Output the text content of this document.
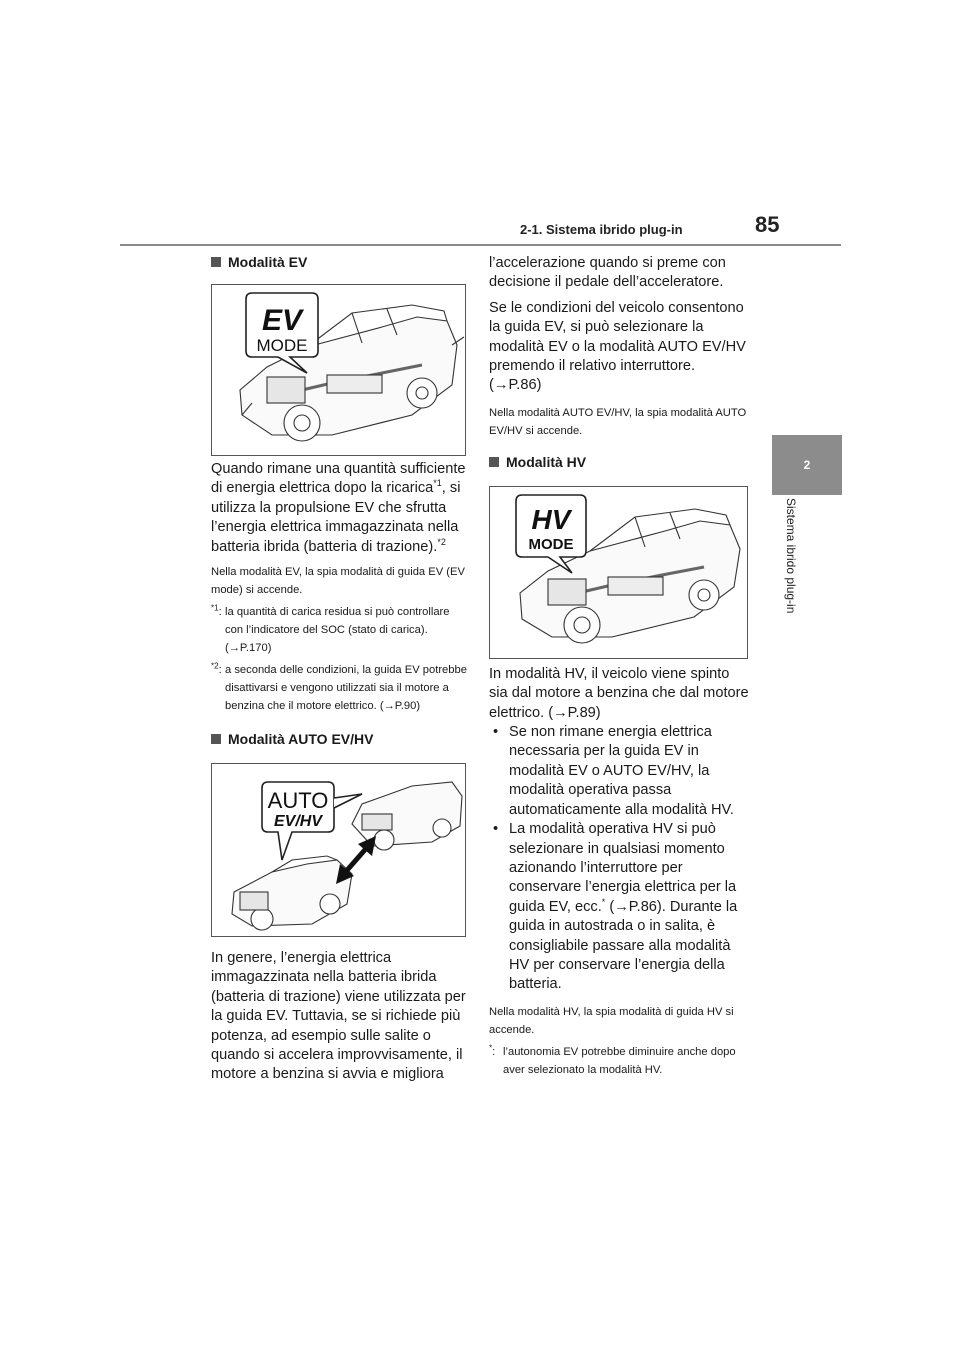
2-1. Sistema ibrido plug-in	85
2
Sistema ibrido plug-in

Modalità EV

EV
MODE

Quando rimane una quantità sufficiente di energia elettrica dopo la ricarica$^{*1}$, si utilizza la propulsione EV che sfrutta l’energia elettrica immagazzinata nella batteria ibrida (batteria di trazione).$^{*2}$

Nella modalità EV, la spia modalità di guida EV (EV mode) si accende.

$^{*1}$: la quantità di carica residua si può controllare con l’indicatore del SOC (stato di carica). (→P.170)
$^{*2}$: a seconda delle condizioni, la guida EV potrebbe disattivarsi e vengono utilizzati sia il motore a benzina che il motore elettrico. (→P.90)

Modalità AUTO EV/HV

AUTO
EV/HV

In genere, l’energia elettrica immagazzinata nella batteria ibrida (batteria di trazione) viene utilizzata per la guida EV. Tuttavia, se si richiede più potenza, ad esempio sulle salite o quando si accelera improvvisamente, il motore a benzina si avvia e migliora

l’accelerazione quando si preme con decisione il pedale dell’acceleratore.

Se le condizioni del veicolo consentono la guida EV, si può selezionare la modalità EV o la modalità AUTO EV/HV premendo il relativo interruttore. (→P.86)

Nella modalità AUTO EV/HV, la spia modalità AUTO EV/HV si accende.

Modalità HV

HV
MODE

In modalità HV, il veicolo viene spinto sia dal motore a benzina che dal motore elettrico. (→P.89)

• Se non rimane energia elettrica necessaria per la guida EV in modalità EV o AUTO EV/HV, la modalità operativa passa automaticamente alla modalità HV.
• La modalità operativa HV si può selezionare in qualsiasi momento azionando l’interruttore per conservare l’energia elettrica per la guida EV, ecc.* (→P.86). Durante la guida in autostrada o in salita, è consigliabile passare alla modalità HV per conservare l’energia della batteria.

Nella modalità HV, la spia modalità di guida HV si accende.

*: l’autonomia EV potrebbe diminuire anche dopo aver selezionato la modalità HV.
